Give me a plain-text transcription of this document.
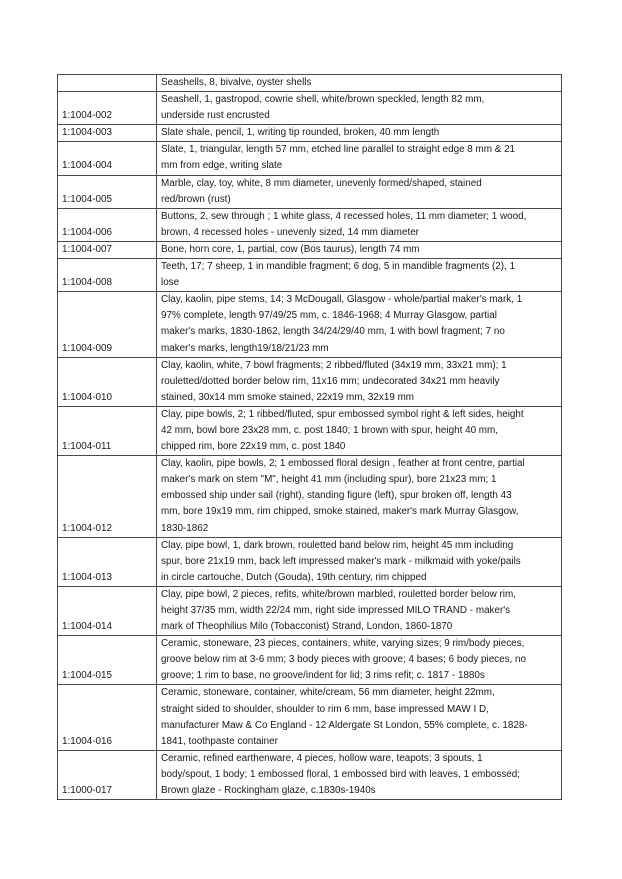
	Seashells, 8, bivalve, oyster shells

1:1004-002	Seashell, 1, gastropod, cowrie shell, white/brown speckled, length 82 mm,
underside rust encrusted

1:1004-003	Slate shale, pencil, 1, writing tip rounded, broken, 40 mm length

1:1004-004	Slate, 1, triangular, length 57 mm, etched line parallel to straight edge 8 mm & 21
mm from edge, writing slate

1:1004-005	Marble, clay, toy, white, 8 mm diameter, unevenly formed/shaped, stained
red/brown (rust)

1:1004-006	Buttons, 2, sew through ; 1 white glass, 4 recessed holes, 11 mm diameter; 1 wood,
brown, 4 recessed holes - unevenly sized, 14 mm diameter

1:1004-007	Bone, horn core, 1, partial, cow (Bos taurus), length 74 mm

1:1004-008	Teeth, 17; 7 sheep, 1 in mandible fragment; 6 dog, 5 in mandible fragments (2), 1
lose

1:1004-009	Clay, kaolin, pipe stems, 14; 3 McDougall, Glasgow - whole/partial maker's mark, 1
97% complete, length 97/49/25 mm, c. 1846-1968; 4 Murray Glasgow, partial
maker's marks, 1830-1862, length 34/24/29/40 mm, 1 with bowl fragment; 7 no
maker's marks, length19/18/21/23 mm

1:1004-010	Clay, kaolin, white, 7 bowl fragments; 2 ribbed/fluted (34x19 mm, 33x21 mm); 1
rouletted/dotted border below rim, 11x16 mm; undecorated 34x21 mm heavily
stained, 30x14 mm smoke stained, 22x19 mm, 32x19 mm

1:1004-011	Clay, pipe bowls, 2; 1 ribbed/fluted, spur embossed symbol right & left sides, height
42 mm, bowl bore 23x28 mm, c. post 1840; 1 brown with spur, height 40 mm,
chipped rim, bore 22x19 mm, c. post 1840

1:1004-012	Clay, kaolin, pipe bowls, 2; 1 embossed floral design , feather at front centre, partial
maker's mark on stem "M", height 41 mm (including spur), bore 21x23 mm; 1
embossed ship under sail (right), standing figure (left), spur broken off, length 43
mm, bore 19x19 mm, rim chipped, smoke stained, maker's mark Murray Glasgow,
1830-1862

1:1004-013	Clay, pipe bowl, 1, dark brown, rouletted band below rim, height 45 mm including
spur, bore 21x19 mm, back left impressed maker's mark - milkmaid with yoke/pails
in circle cartouche, Dutch (Gouda), 19th century, rim chipped

1:1004-014	Clay, pipe bowl, 2 pieces, refits, white/brown marbled, rouletted border below rim,
height 37/35 mm, width 22/24 mm, right side impressed MILO TRAND - maker's
mark of Theophilius Milo (Tobacconist) Strand, London, 1860-1870

1:1004-015	Ceramic, stoneware, 23 pieces, containers, white, varying sizes; 9 rim/body pieces,
groove below rim at 3-6 mm; 3 body pieces with groove; 4 bases; 6 body pieces, no
groove; 1 rim to base, no groove/indent for lid; 3 rims refit; c. 1817 - 1880s

1:1004-016	Ceramic, stoneware, container, white/cream, 56 mm diameter, height 22mm,
straight sided to shoulder, shoulder to rim 6 mm, base impressed MAW I D,
manufacturer Maw & Co England - 12 Aldergate St London, 55% complete, c. 1828-
1841, toothpaste container

1:1000-017	Ceramic, refined earthenware, 4 pieces, hollow ware, teapots; 3 spouts, 1
body/spout, 1 body; 1 embossed floral, 1 embossed bird with leaves, 1 embossed;
Brown glaze - Rockingham glaze, c.1830s-1940s
